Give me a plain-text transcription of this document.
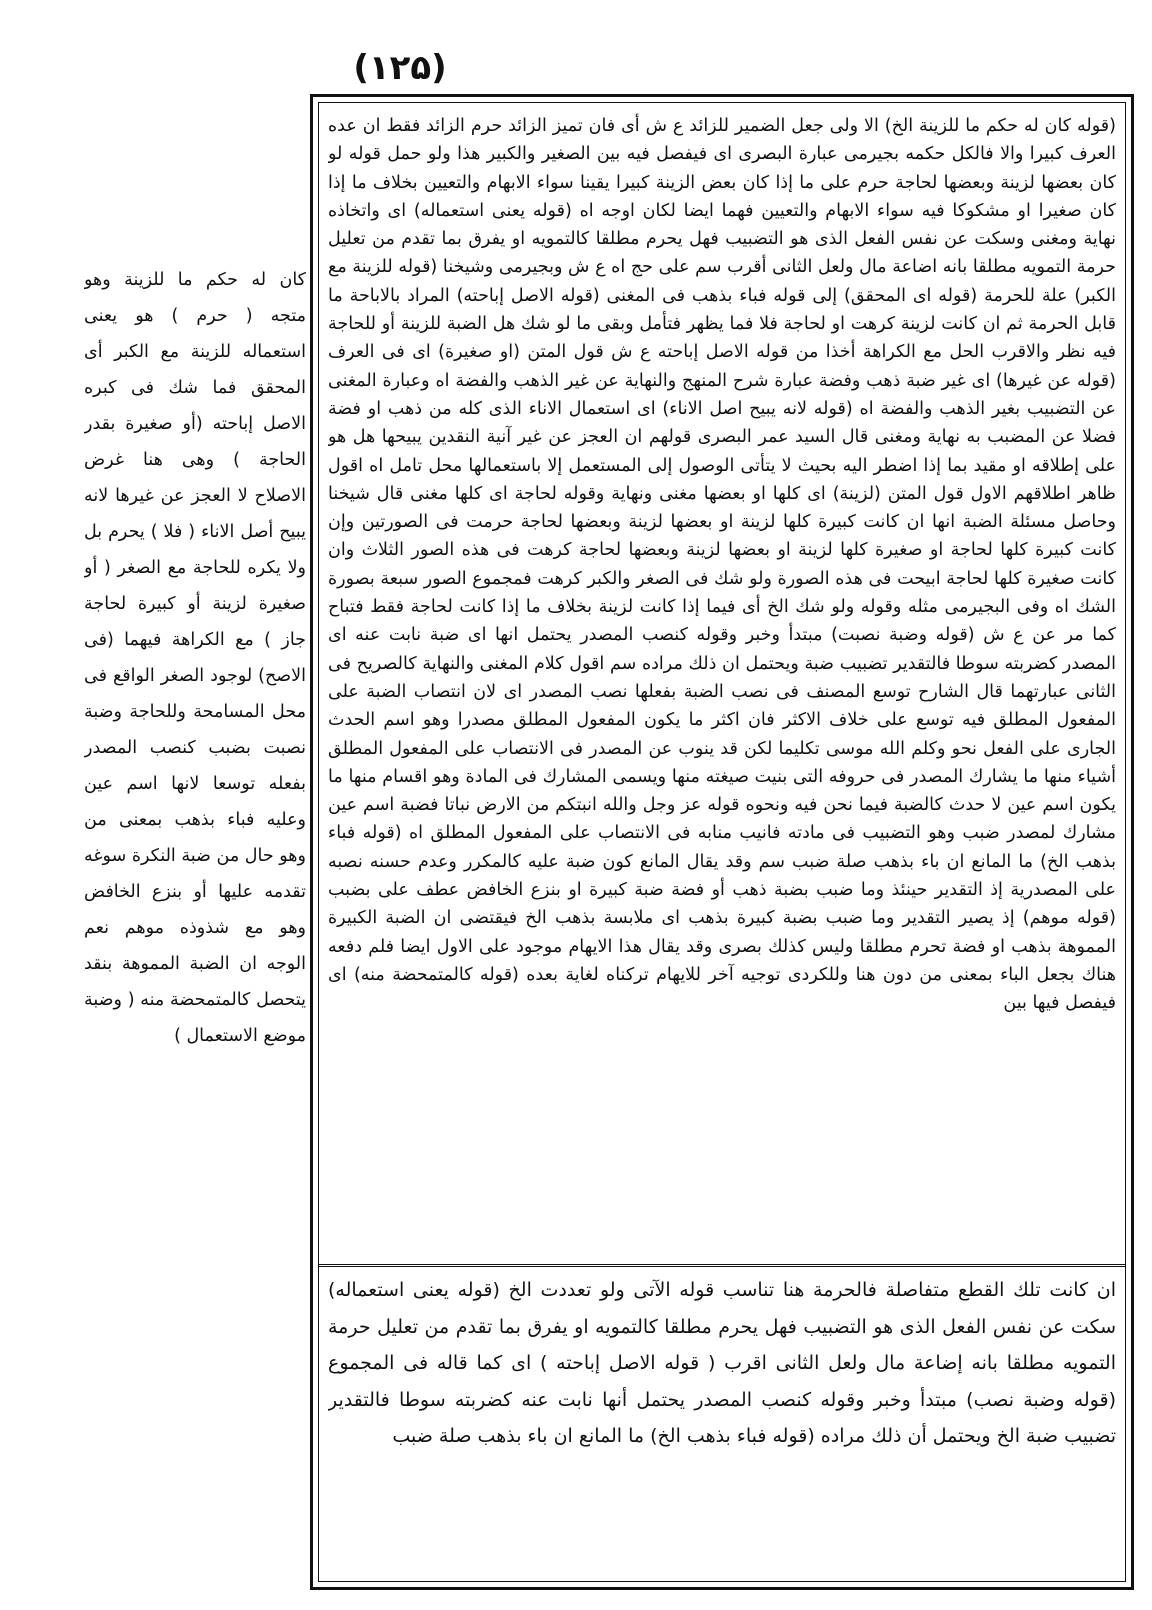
(۱۲۵)

كان له حكم ما للزينة وهو متجه ( حرم ) هو يعنى استعماله للزينة مع الكبر أى المحقق فما شك فى كبره الاصل إباحته (أو صغيرة بقدر الحاجة ) وهى هنا غرض الاصلاح لا العجز عن غيرها لانه يبيح أصل الاناء ( فلا ) يحرم بل ولا يكره للحاجة مع الصغر ( أو صغيرة لزينة أو كبيرة لحاجة جاز ) مع الكراهة فيهما (فى الاصح) لوجود الصغر الواقع فى محل المسامحة وللحاجة وضبة نصبت بضبب كنصب المصدر بفعله توسعا لانها اسم عين وعليه فباء بذهب بمعنى من وهو حال من ضبة النكرة سوغه تقدمه عليها أو بنزع الخافض وهو مع شذوذه موهم نعم الوجه ان الضبة المموهة بنقد يتحصل كالمتمحضة منه ( وضبة موضع الاستعمال )

(قوله كان له حكم ما للزينة الخ) الا ولى جعل الضمير للزائد ع ش أى فان تميز الزائد حرم الزائد فقط ان عده العرف كبيرا والا فالكل حكمه بجيرمى عبارة البصرى اى فيفصل فيه بين الصغير والكبير هذا ولو حمل قوله لو كان بعضها لزينة وبعضها لحاجة حرم على ما إذا كان بعض الزينة كبيرا يقينا سواء الابهام والتعيين بخلاف ما إذا كان صغيرا او مشكوكا فيه سواء الابهام والتعيين فهما ايضا لكان اوجه اه (قوله يعنى استعماله) اى واتخاذه نهاية ومغنى وسكت عن نفس الفعل الذى هو التضبيب فهل يحرم مطلقا كالتمويه او يفرق بما تقدم من تعليل حرمة التمويه مطلقا بانه اضاعة مال ولعل الثانى أقرب سم على حج اه ع ش وبجيرمى وشيخنا (قوله للزينة مع الكبر) علة للحرمة (قوله اى المحقق) إلى قوله فباء بذهب فى المغنى (قوله الاصل إباحته) المراد بالاباحة ما قابل الحرمة ثم ان كانت لزينة كرهت او لحاجة فلا فما يظهر فتأمل وبقى ما لو شك هل الضبة للزينة أو للحاجة فيه نظر والاقرب الحل مع الكراهة أخذا من قوله الاصل إباحته ع ش قول المتن (او صغيرة) اى فى العرف (قوله عن غيرها) اى غير ضبة ذهب وفضة عبارة شرح المنهج والنهاية عن غير الذهب والفضة اه وعبارة المغنى عن التضبيب بغير الذهب والفضة اه (قوله لانه يبيح اصل الاناء) اى استعمال الاناء الذى كله من ذهب او فضة فضلا عن المضبب به نهاية ومغنى قال السيد عمر البصرى قولهم ان العجز عن غير آنية النقدين يبيحها هل هو على إطلاقه او مقيد بما إذا اضطر اليه بحيث لا يتأتى الوصول إلى المستعمل إلا باستعمالها محل تامل اه اقول ظاهر اطلاقهم الاول قول المتن (لزينة) اى كلها او بعضها مغنى ونهاية وقوله لحاجة اى كلها مغنى قال شيخنا وحاصل مسئلة الضبة انها ان كانت كبيرة كلها لزينة او بعضها لزينة وبعضها لحاجة حرمت فى الصورتين وإن كانت كبيرة كلها لحاجة او صغيرة كلها لزينة او بعضها لزينة وبعضها لحاجة كرهت فى هذه الصور الثلاث وان كانت صغيرة كلها لحاجة ابيحت فى هذه الصورة ولو شك فى الصغر والكبر كرهت فمجموع الصور سبعة بصورة الشك اه وفى البجيرمى مثله وقوله ولو شك الخ أى فيما إذا كانت لزينة بخلاف ما إذا كانت لحاجة فقط فتباح كما مر عن ع ش (قوله وضبة نصبت) مبتدأ وخبر وقوله كنصب المصدر يحتمل انها اى ضبة نابت عنه اى المصدر كضربته سوطا فالتقدير تضبيب ضبة ويحتمل ان ذلك مراده سم اقول كلام المغنى والنهاية كالصريح فى الثانى عبارتهما قال الشارح توسع المصنف فى نصب الضبة بفعلها نصب المصدر اى لان انتصاب الضبة على المفعول المطلق فيه توسع على خلاف الاكثر فان اكثر ما يكون المفعول المطلق مصدرا وهو اسم الحدث الجارى على الفعل نحو وكلم الله موسى تكليما لكن قد ينوب عن المصدر فى الانتصاب على المفعول المطلق أشياء منها ما يشارك المصدر فى حروفه التى بنيت صيغته منها ويسمى المشارك فى المادة وهو اقسام منها ما يكون اسم عين لا حدث كالضبة فيما نحن فيه ونحوه قوله عز وجل والله انبتكم من الارض نباتا فضبة اسم عين مشارك لمصدر ضبب وهو التضبيب فى مادته فانيب منابه فى الانتصاب على المفعول المطلق اه (قوله فباء بذهب الخ) ما المانع ان باء بذهب صلة ضبب سم وقد يقال المانع كون ضبة عليه كالمكرر وعدم حسنه نصبه على المصدرية إذ التقدير حينئذ وما ضبب بضبة ذهب أو فضة ضبة كبيرة او بنزع الخافض عطف على بضبب (قوله موهم) إذ يصير التقدير وما ضبب بضبة كبيرة بذهب اى ملابسة بذهب الخ فيقتضى ان الضبة الكبيرة المموهة بذهب او فضة تحرم مطلقا وليس كذلك بصرى وقد يقال هذا الايهام موجود على الاول ايضا فلم دفعه هناك بجعل الباء بمعنى من دون هنا وللكردى توجيه آخر للايهام تركناه لغاية بعده (قوله كالمتمحضة منه) اى فيفصل فيها بين

ان كانت تلك القطع متفاصلة فالحرمة هنا تناسب قوله الآتى ولو تعددت الخ (قوله يعنى استعماله) سكت عن نفس الفعل الذى هو التضبيب فهل يحرم مطلقا كالتمويه او يفرق بما تقدم من تعليل حرمة التمويه مطلقا بانه إضاعة مال ولعل الثانى اقرب ( قوله الاصل إباحته ) اى كما قاله فى المجموع (قوله وضبة نصب) مبتدأ وخبر وقوله كنصب المصدر يحتمل أنها نابت عنه كضربته سوطا فالتقدير تضبيب ضبة الخ ويحتمل أن ذلك مراده (قوله فباء بذهب الخ) ما المانع ان باء بذهب صلة ضبب
